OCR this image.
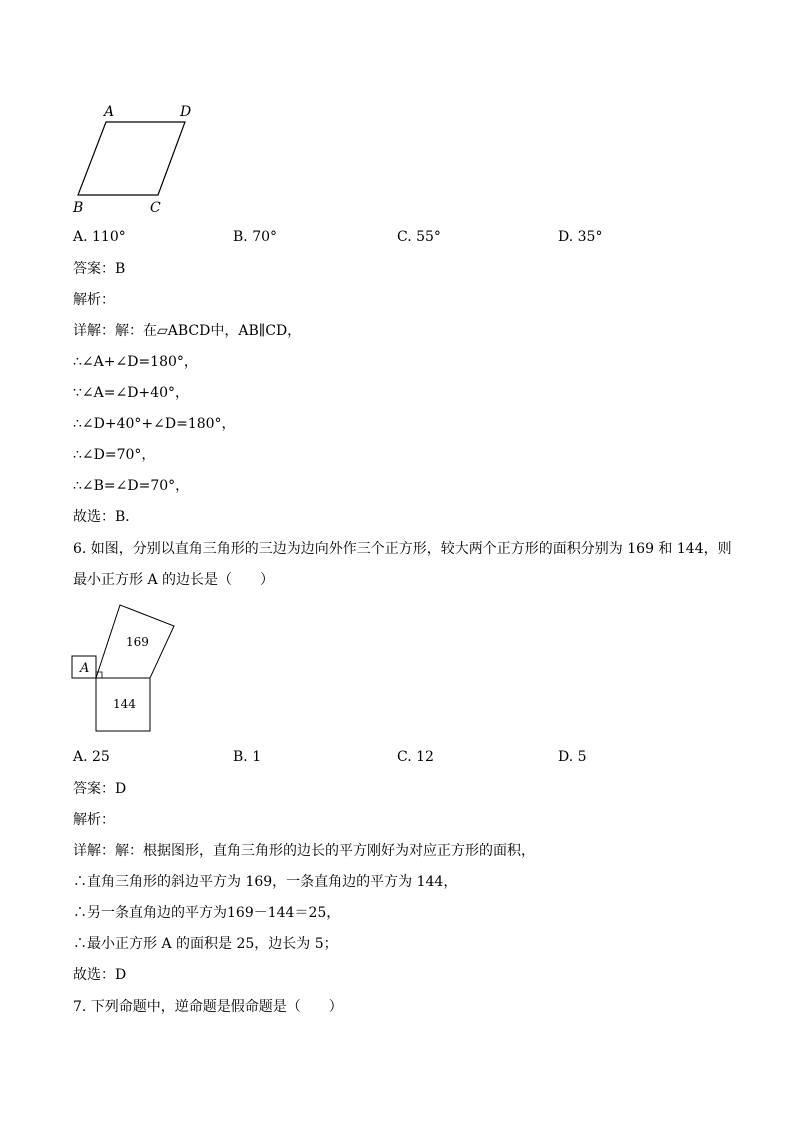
A	D
B	C
A. 110°	B. 70°	C. 55°	D. 35°
答案：B
解析：
详解：解：在▱ABCD中，AB∥CD，
∴∠A+∠D=180°，
∵∠A=∠D+40°，
∴∠D+40°+∠D=180°，
∴∠D=70°，
∴∠B=∠D=70°，
故选：B．
6. 如图，分别以直角三角形的三边为边向外作三个正方形，较大两个正方形的面积分别为 169 和 144，则
最小正方形 A 的边长是（　　）
169
144
A
A. 25	B. 1	C. 12	D. 5
答案：D
解析：
详解：解：根据图形，直角三角形的边长的平方刚好为对应正方形的面积，
∴直角三角形的斜边平方为 169，一条直角边的平方为 144，
∴另一条直角边的平方为169－144＝25，
∴最小正方形 A 的面积是 25，边长为 5；
故选：D
7. 下列命题中，逆命题是假命题是（　　）
